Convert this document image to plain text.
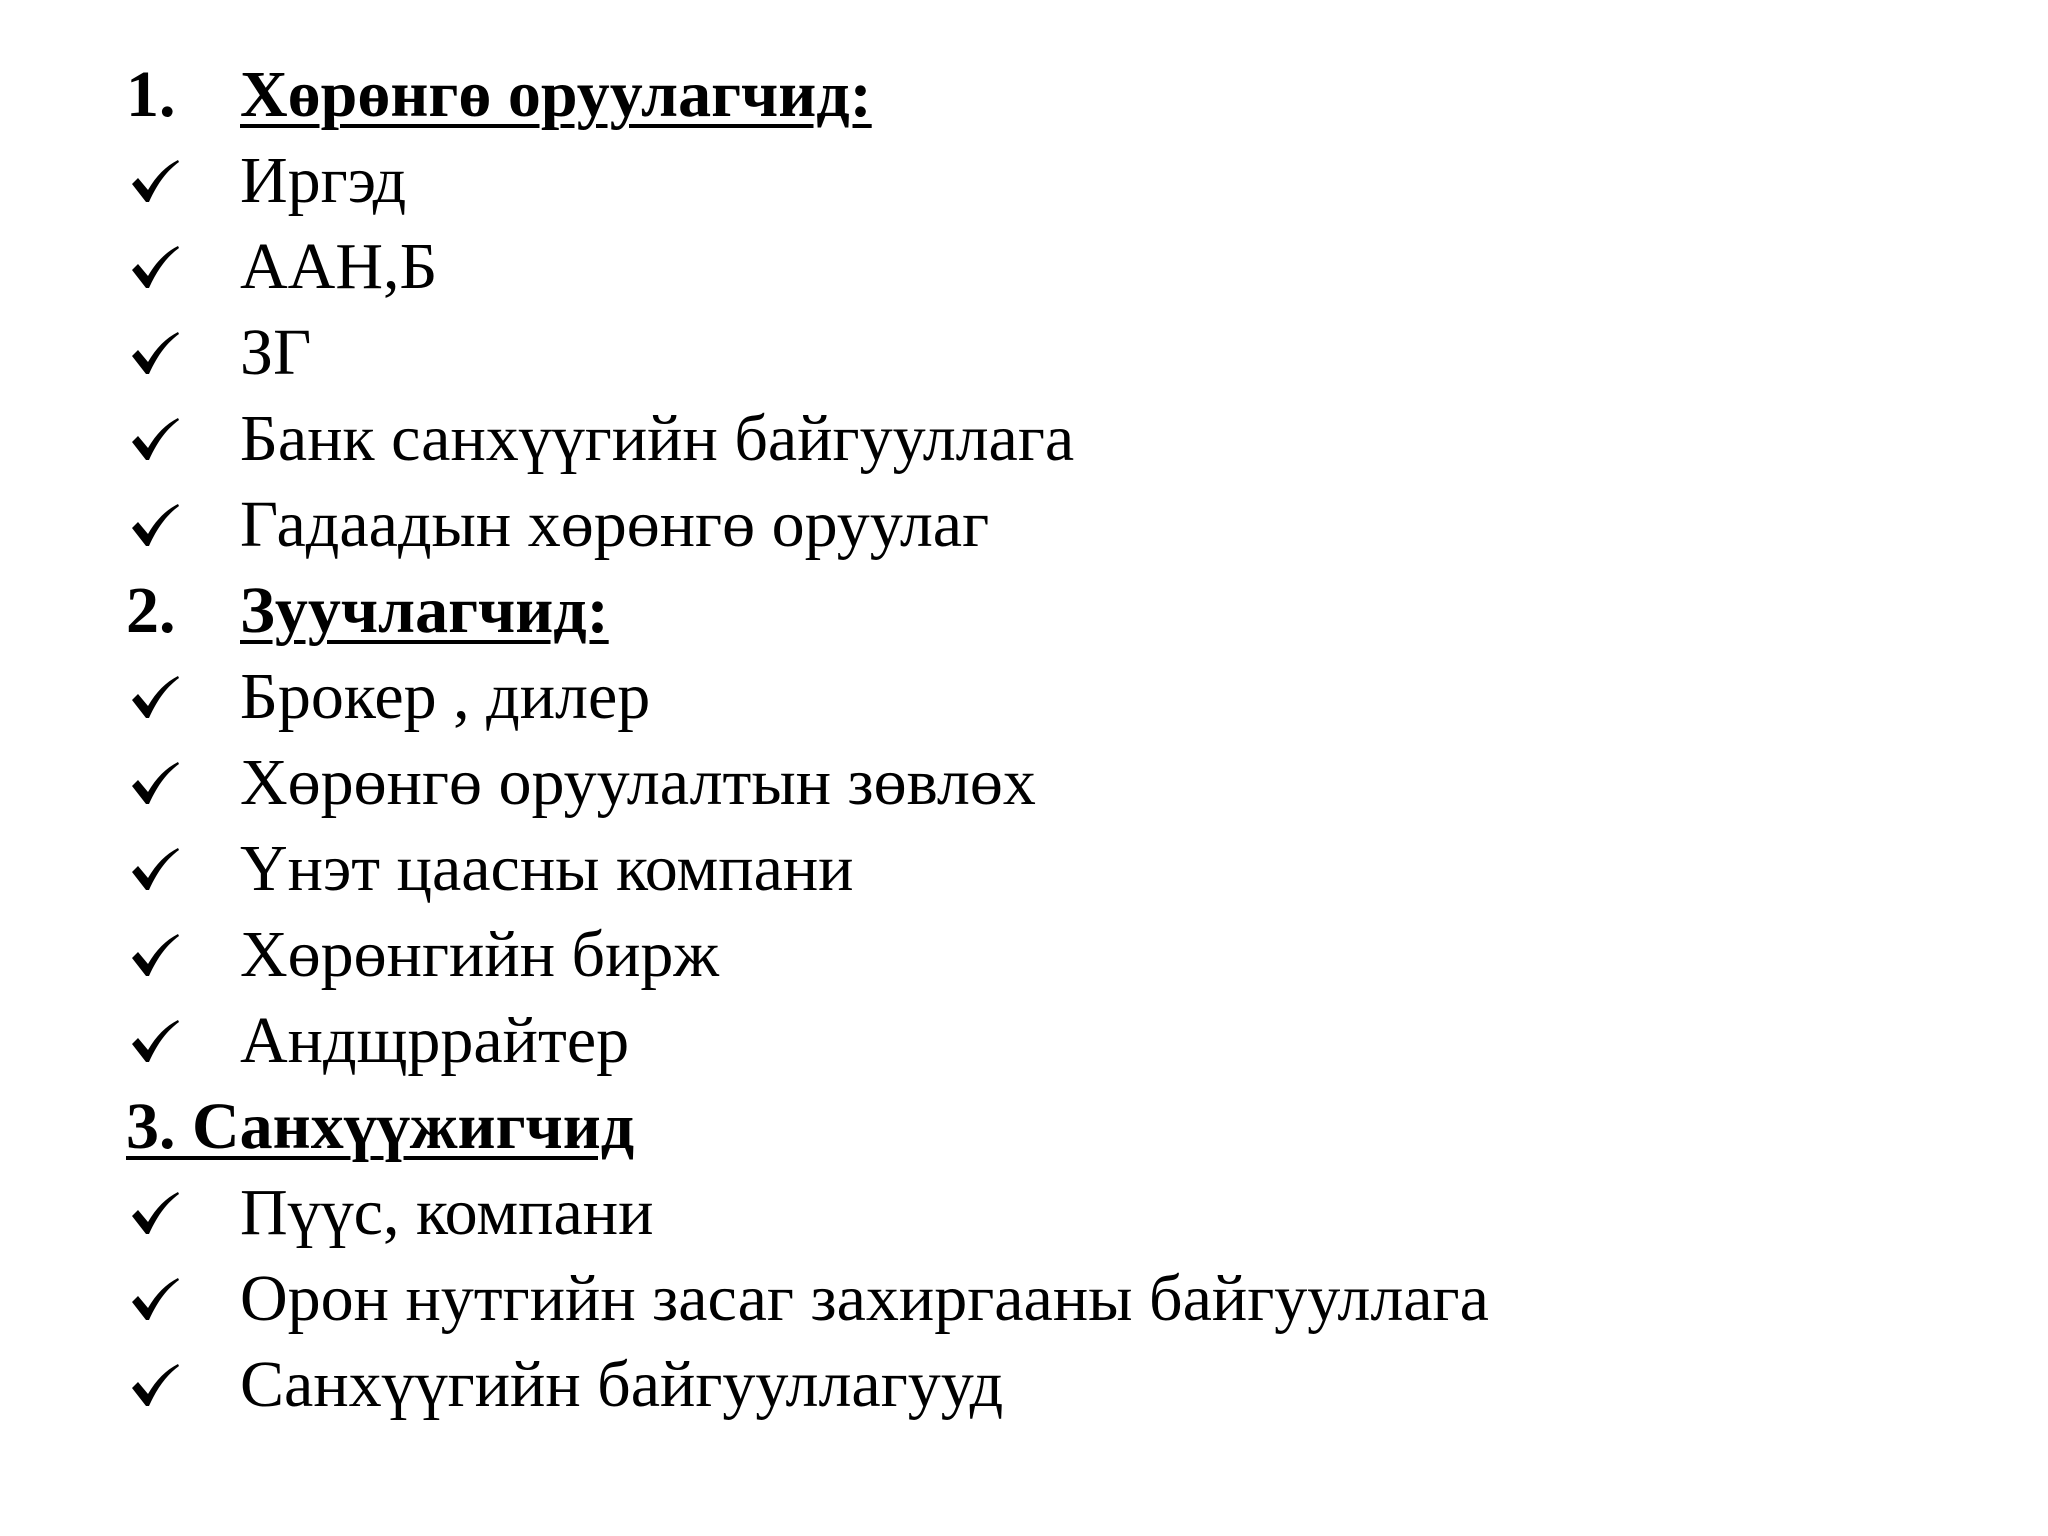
1. Хөрөнгө оруулагчид:
Иргэд
ААН,Б
ЗГ
Банк санхүүгийн байгууллага
Гадаадын хөрөнгө оруулаг
2. Зуучлагчид:
Брокер , дилер
Хөрөнгө оруулалтын зөвлөх
Үнэт цаасны компани
Хөрөнгийн бирж
Андщррайтер
3. Санхүүжигчид
Пүүс, компани
Орон нутгийн засаг захиргааны байгууллага
Санхүүгийн байгууллагууд
